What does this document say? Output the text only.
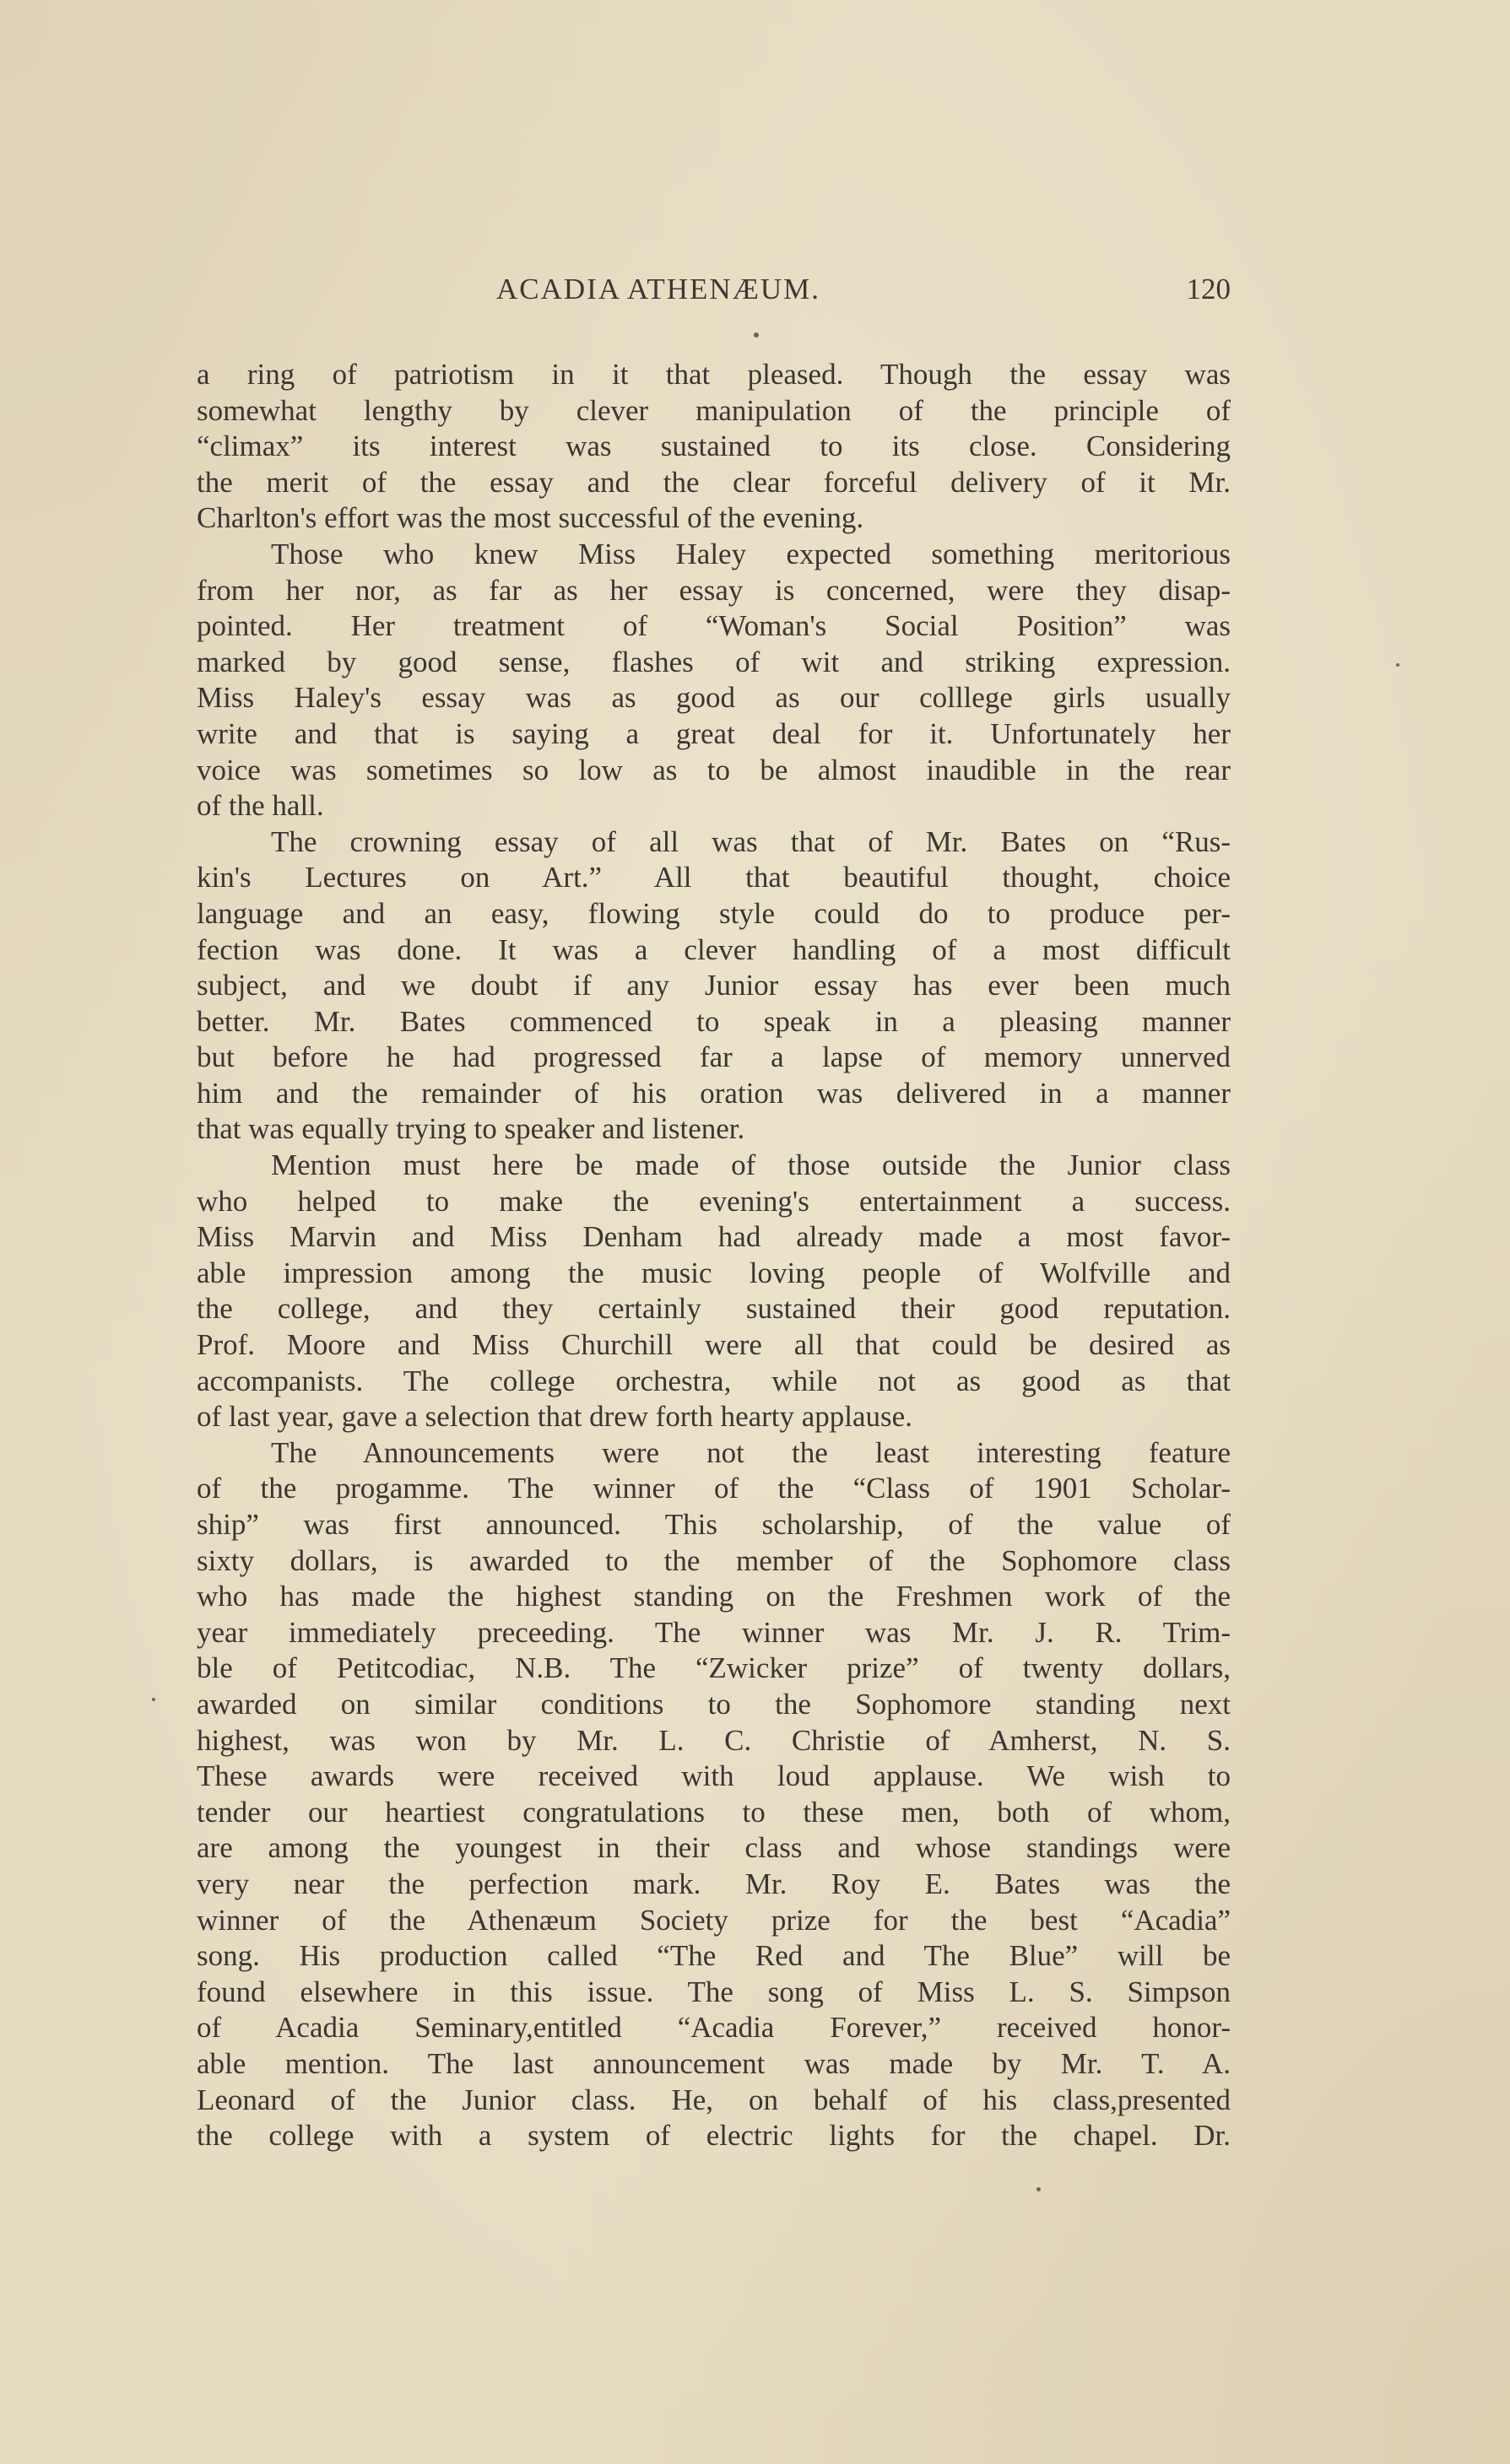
ACADIA ATHENÆUM.	120
a ring of patriotism in it that pleased. Though the essay was
somewhat lengthy by clever manipulation of the principle of
“climax” its interest was sustained to its close. Considering
the merit of the essay and the clear forceful delivery of it Mr.
Charlton's effort was the most successful of the evening.
Those who knew Miss Haley expected something meritorious
from her nor, as far as her essay is concerned, were they disap-
pointed. Her treatment of “Woman's Social Position” was
marked by good sense, flashes of wit and striking expression.
Miss Haley's essay was as good as our colllege girls usually
write and that is saying a great deal for it. Unfortunately her
voice was sometimes so low as to be almost inaudible in the rear
of the hall.
The crowning essay of all was that of Mr. Bates on “Rus-
kin's Lectures on Art.” All that beautiful thought, choice
language and an easy, flowing style could do to produce per-
fection was done. It was a clever handling of a most difficult
subject, and we doubt if any Junior essay has ever been much
better. Mr. Bates commenced to speak in a pleasing manner
but before he had progressed far a lapse of memory unnerved
him and the remainder of his oration was delivered in a manner
that was equally trying to speaker and listener.
Mention must here be made of those outside the Junior class
who helped to make the evening's entertainment a success.
Miss Marvin and Miss Denham had already made a most favor-
able impression among the music loving people of Wolfville and
the college, and they certainly sustained their good reputation.
Prof. Moore and Miss Churchill were all that could be desired as
accompanists. The college orchestra, while not as good as that
of last year, gave a selection that drew forth hearty applause.
The Announcements were not the least interesting feature
of the progamme. The winner of the “Class of 1901 Scholar-
ship” was first announced. This scholarship, of the value of
sixty dollars, is awarded to the member of the Sophomore class
who has made the highest standing on the Freshmen work of the
year immediately preceeding. The winner was Mr. J. R. Trim-
ble of Petitcodiac, N.B. The “Zwicker prize” of twenty dollars,
awarded on similar conditions to the Sophomore standing next
highest, was won by Mr. L. C. Christie of Amherst, N. S.
These awards were received with loud applause. We wish to
tender our heartiest congratulations to these men, both of whom,
are among the youngest in their class and whose standings were
very near the perfection mark. Mr. Roy E. Bates was the
winner of the Athenæum Society prize for the best “Acadia”
song. His production called “The Red and The Blue” will be
found elsewhere in this issue. The song of Miss L. S. Simpson
of Acadia Seminary,entitled “Acadia Forever,” received honor-
able mention. The last announcement was made by Mr. T. A.
Leonard of the Junior class. He, on behalf of his class,presented
the college with a system of electric lights for the chapel. Dr.
